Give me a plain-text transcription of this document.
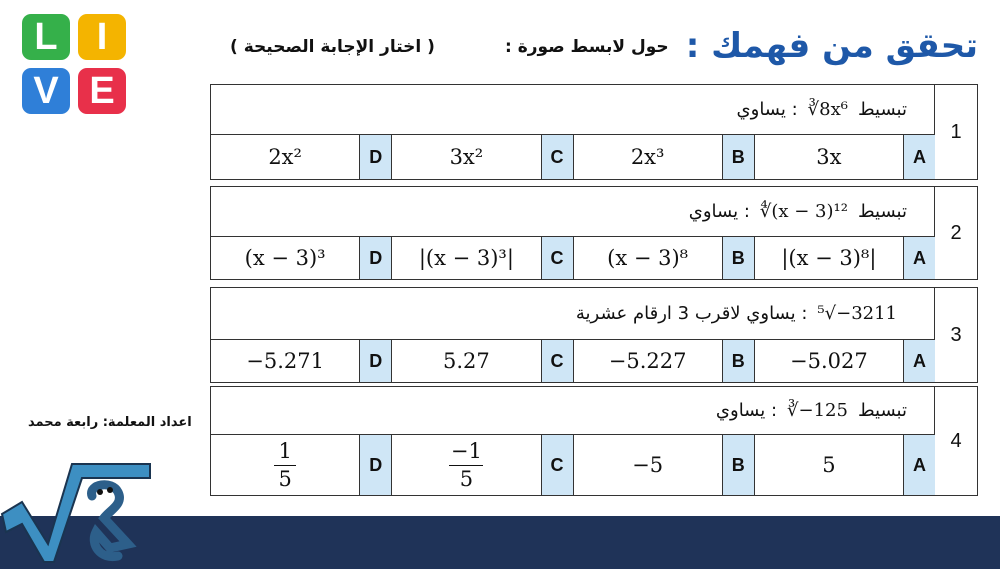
L	I
V E
تحقق من فهمك :
حول لابسط صورة :
( اختار الإجابة الصحيحة )
1
يساوي : ∛8x⁶ تبسيط
2x²	D	3x²	C	2x³	B	3x	A
2
يساوي : ∜(x − 3)¹² تبسيط
(x − 3)³	D	|(x − 3)³|	C	(x − 3)⁸	B	|(x − 3)⁸|	A
3
يساوي لاقرب 3 ارقام عشرية : ⁵√−3211
−5.271	D	5.27	C	−5.227	B	−5.027	A
4
يساوي : ∛−125 تبسيط
$\frac{1}{5}$	D	$\frac{-1}{5}$	C	−5	B	5	A
اعداد المعلمة: رابعة محمد
